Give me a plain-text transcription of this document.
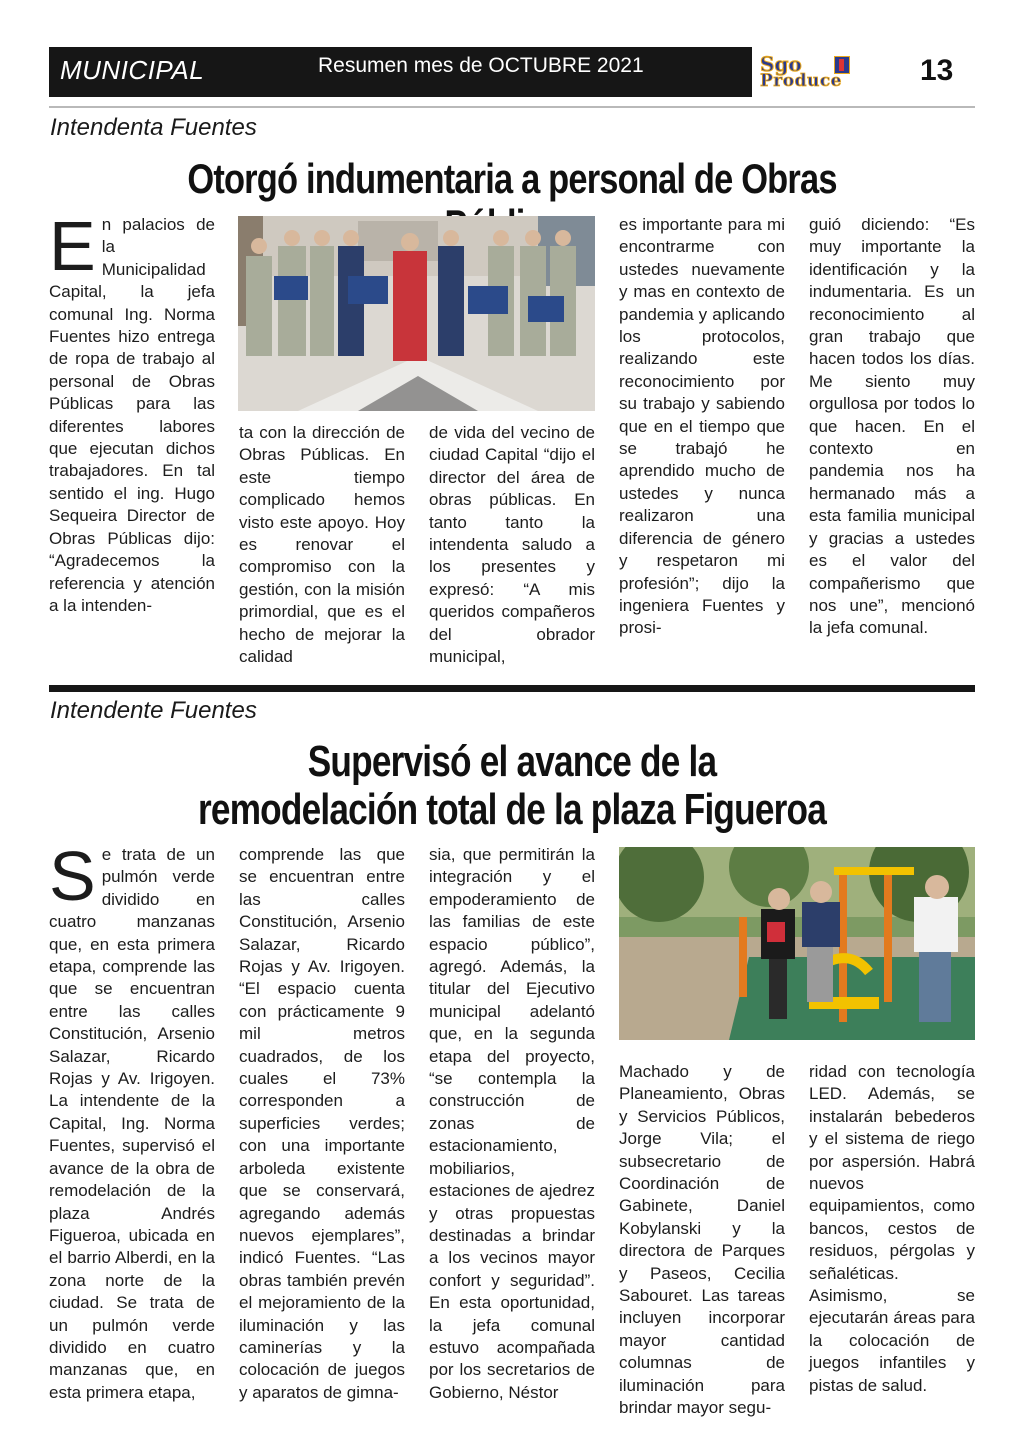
MUNICIPAL	Resumen mes de OCTUBRE 2021	Sgo
Produce	13
Intendenta Fuentes
Otorgó indumentaria a personal de Obras
En palacios de la Municipalidad Capital, la jefa comunal Ing. Norma Fuentes hizo entrega de ropa de trabajo al personal de Obras Públicas para las diferentes labores que ejecutan dichos trabajadores. En tal sentido el ing. Hugo Sequeira Director de Obras Públicas dijo: “Agradecemos la referencia y atención a la intenden-
ta con la dirección de Obras Públicas. En este tiempo complicado hemos visto este apoyo. Hoy es renovar el compromiso con la gestión, con la misión primordial, que es el hecho de mejorar la calidad
de vida del vecino de ciudad Capital “dijo el director del área de obras públicas. En tanto tanto la intendenta saludo a los presentes y expresó: “A mis queridos compañeros del obrador municipal,
es importante para mi encontrarme con ustedes nuevamente y mas en contexto de pandemia y aplicando los protocolos, realizando este reconocimiento por su trabajo y sabiendo que en el tiempo que se trabajó he aprendido mucho de ustedes y nunca realizaron una diferencia de género y respetaron mi profesión”; dijo la ingeniera Fuentes y prosi-
guió diciendo: “Es muy importante la identificación y la indumentaria. Es un reconocimiento al gran trabajo que hacen todos los días. Me siento muy orgullosa por todos lo que hacen. En el contexto en pandemia nos ha hermanado más a esta familia municipal y gracias a ustedes es el valor del compañerismo que nos une”, mencionó la jefa comunal.
Intendente Fuentes
Supervisó el avance de la
remodelación total de la plaza Figueroa
Se trata de un pulmón verde dividido en cuatro manzanas que, en esta primera etapa, comprende las que se encuentran entre las calles Constitución, Arsenio Salazar, Ricardo Rojas y Av. Irigoyen. La intendente de la Capital, Ing. Norma Fuentes, supervisó el avance de la obra de remodelación de la plaza Andrés Figueroa, ubicada en el barrio Alberdi, en la zona norte de la ciudad. Se trata de un pulmón verde dividido en cuatro manzanas que, en esta primera etapa,
comprende las que se encuentran entre las calles Constitución, Arsenio Salazar, Ricardo Rojas y Av. Irigoyen. “El espacio cuenta con prácticamente 9 mil metros cuadrados, de los cuales el 73% corresponden a superficies verdes; con una importante arboleda existente que se conservará, agregando además nuevos ejemplares”, indicó Fuentes. “Las obras también prevén el mejoramiento de la iluminación y las caminerías y la colocación de juegos y aparatos de gimna-
sia, que permitirán la integración y el empoderamiento de las familias de este espacio público”, agregó. Además, la titular del Ejecutivo municipal adelantó que, en la segunda etapa del proyecto, “se contempla la construcción de zonas de estacionamiento, mobiliarios, estaciones de ajedrez y otras propuestas destinadas a brindar a los vecinos mayor confort y seguridad”. En esta oportunidad, la jefa comunal estuvo acompañada por los secretarios de Gobierno, Néstor
Machado y de Planeamiento, Obras y Servicios Públicos, Jorge Vila; el subsecretario de Coordinación de Gabinete, Daniel Kobylanski y la directora de Parques y Paseos, Cecilia Sabouret. Las tareas incluyen incorporar mayor cantidad columnas de iluminación para brindar mayor segu-
ridad con tecnología LED. Además, se instalarán bebederos y el sistema de riego por aspersión. Habrá nuevos equipamientos, como bancos, cestos de residuos, pérgolas y señaléticas. Asimismo, se ejecutarán áreas para la colocación de juegos infantiles y pistas de salud.
